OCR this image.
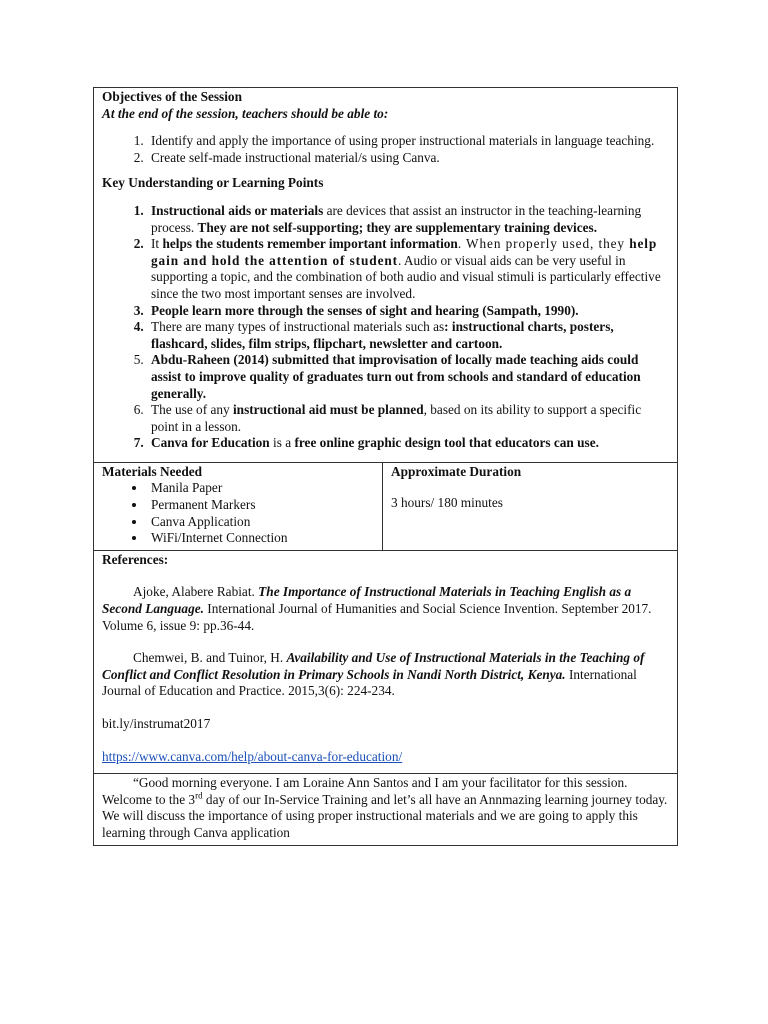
Objectives of the Session
At the end of the session, teachers should be able to:
1. Identify and apply the importance of using proper instructional materials in language teaching.
2. Create self-made instructional material/s using Canva.
Key Understanding or Learning Points
1. Instructional aids or materials are devices that assist an instructor in the teaching-learning process. They are not self-supporting; they are supplementary training devices.
2. It helps the students remember important information. When properly used, they help gain and hold the attention of student. Audio or visual aids can be very useful in supporting a topic, and the combination of both audio and visual stimuli is particularly effective since the two most important senses are involved.
3. People learn more through the senses of sight and hearing (Sampath, 1990).
4. There are many types of instructional materials such as: instructional charts, posters, flashcard, slides, film strips, flipchart, newsletter and cartoon.
5. Abdu-Raheen (2014) submitted that improvisation of locally made teaching aids could assist to improve quality of graduates turn out from schools and standard of education generally.
6. The use of any instructional aid must be planned, based on its ability to support a specific point in a lesson.
7. Canva for Education is a free online graphic design tool that educators can use.

Materials Needed
• Manila Paper
• Permanent Markers
• Canva Application
• WiFi/Internet Connection

Approximate Duration
3 hours/ 180 minutes

References:

Ajoke, Alabere Rabiat. The Importance of Instructional Materials in Teaching English as a Second Language. International Journal of Humanities and Social Science Invention. September 2017. Volume 6, issue 9: pp.36-44.

Chemwei, B. and Tuinor, H. Availability and Use of Instructional Materials in the Teaching of Conflict and Conflict Resolution in Primary Schools in Nandi North District, Kenya. International Journal of Education and Practice. 2015,3(6): 224-234.

bit.ly/instrumat2017

https://www.canva.com/help/about-canva-for-education/

“Good morning everyone. I am Loraine Ann Santos and I am your facilitator for this session. Welcome to the 3rd day of our In-Service Training and let’s all have an Annmazing learning journey today. We will discuss the importance of using proper instructional materials and we are going to apply this learning through Canva application
